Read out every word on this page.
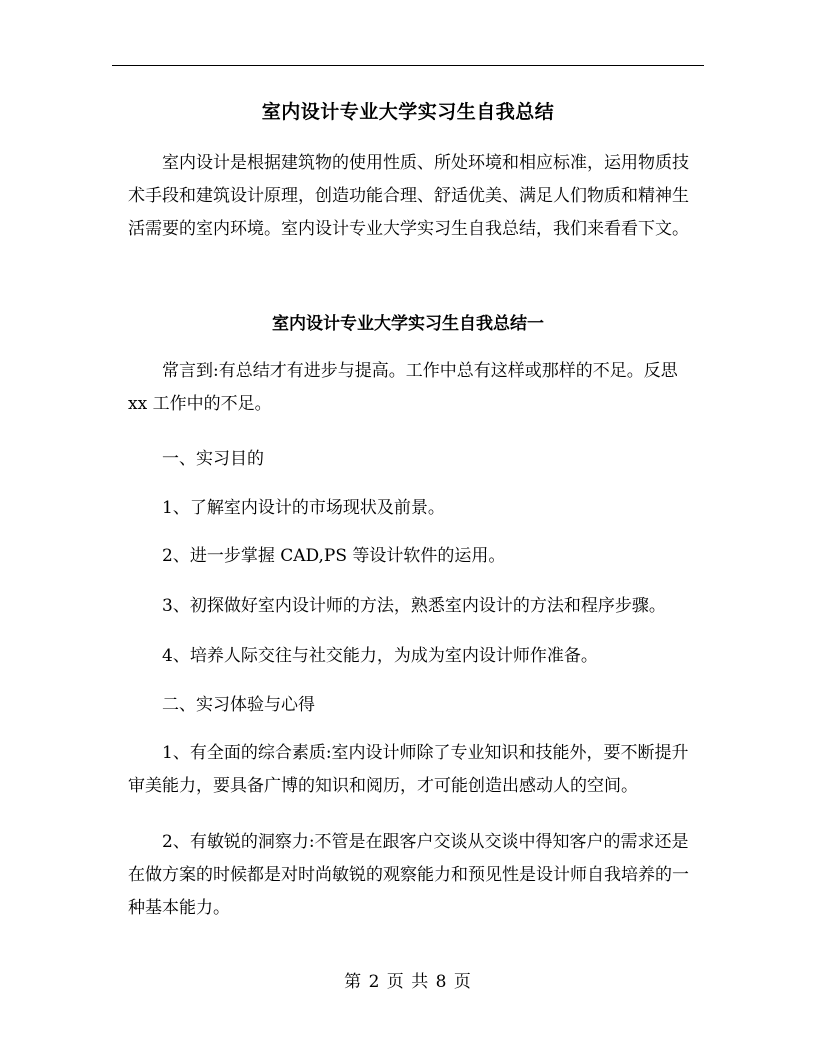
室内设计专业大学实习生自我总结

室内设计是根据建筑物的使用性质、所处环境和相应标准，运用物质技术手段和建筑设计原理，创造功能合理、舒适优美、满足人们物质和精神生活需要的室内环境。室内设计专业大学实习生自我总结，我们来看看下文。

室内设计专业大学实习生自我总结一

常言到:有总结才有进步与提高。工作中总有这样或那样的不足。反思 xx 工作中的不足。

一、实习目的

1、了解室内设计的市场现状及前景。

2、进一步掌握 CAD,PS 等设计软件的运用。

3、初探做好室内设计师的方法，熟悉室内设计的方法和程序步骤。

4、培养人际交往与社交能力，为成为室内设计师作准备。

二、实习体验与心得

1、有全面的综合素质:室内设计师除了专业知识和技能外，要不断提升审美能力，要具备广博的知识和阅历，才可能创造出感动人的空间。

2、有敏锐的洞察力:不管是在跟客户交谈从交谈中得知客户的需求还是在做方案的时候都是对时尚敏锐的观察能力和预见性是设计师自我培养的一种基本能力。

第 2 页 共 8 页
